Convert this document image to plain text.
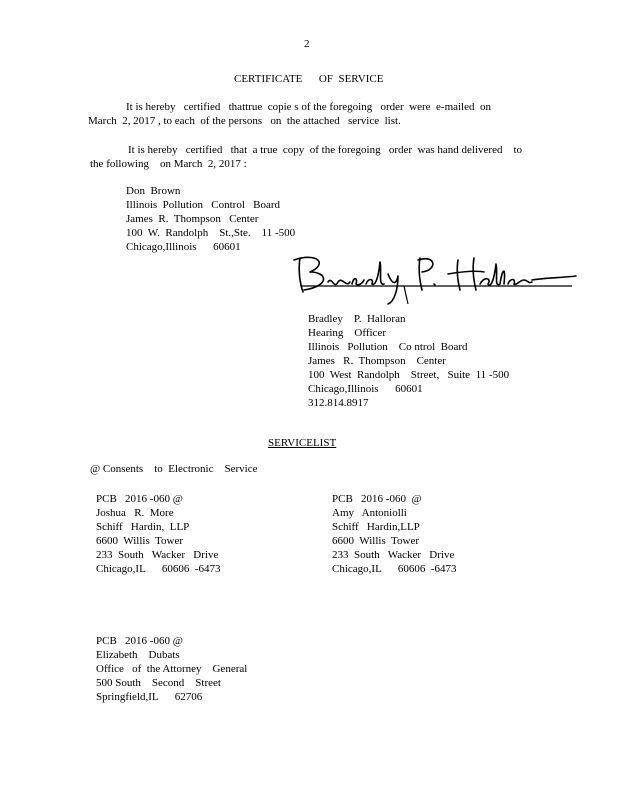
2
CERTIFICATE      OF  SERVICE
It is hereby   certified   thattrue  copie s of the foregoing   order  were  e-mailed  on
March  2, 2017 , to each  of the persons   on  the attached   service  list.
It is hereby   certified   that  a true  copy  of the foregoing   order  was hand delivered    to
the following    on March  2, 2017 :
Don  Brown
Illinois  Pollution   Control   Board
James  R.  Thompson   Center
100  W.  Randolph    St.,Ste.    11 -500
Chicago,Illinois      60601
Bradley    P.  Halloran
Hearing    Officer
Illinois   Pollution    Co ntrol  Board
James   R.  Thompson    Center
100  West  Randolph    Street,   Suite  11 -500
Chicago,Illinois      60601
312.814.8917
SERVICELIST
@ Consents    to  Electronic    Service
PCB   2016 -060 @
Joshua   R.  More
Schiff   Hardin,  LLP
6600  Willis  Tower
233  South   Wacker   Drive
Chicago,IL      60606  -6473
PCB   2016 -060  @
Amy   Antoniolli
Schiff   Hardin,LLP
6600  Willis  Tower
233  South   Wacker   Drive
Chicago,IL      60606  -6473
PCB   2016 -060 @
Elizabeth    Dubats
Office   of  the Attorney    General
500 South    Second    Street
Springfield,IL      62706
